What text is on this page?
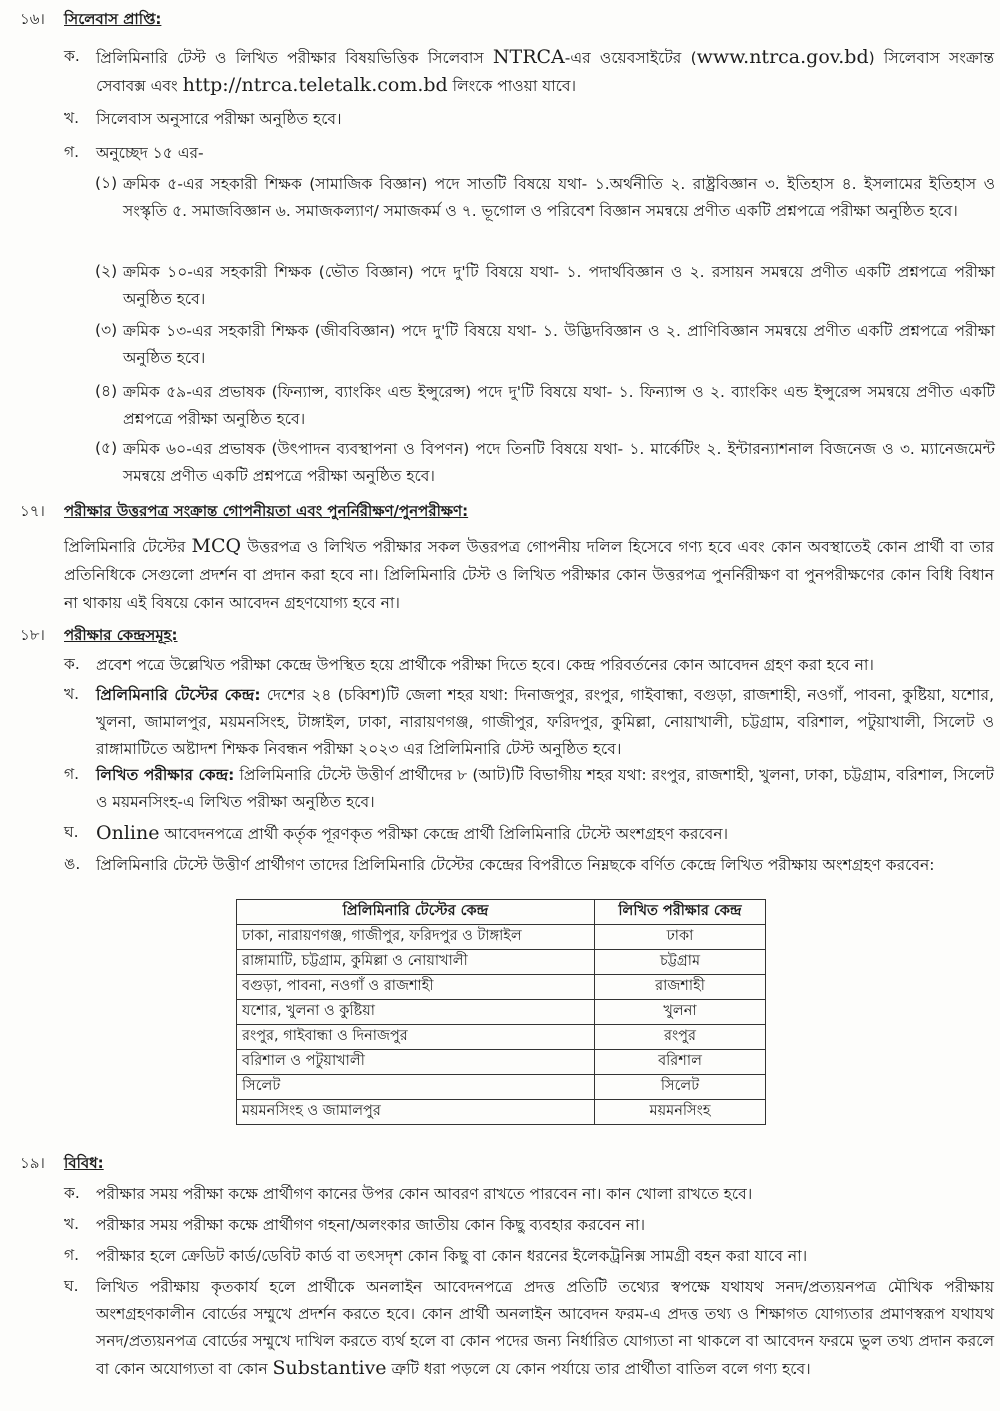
১৬।	সিলেবাস প্রাপ্তি:
ক.	প্রিলিমিনারি টেস্ট ও লিখিত পরীক্ষার বিষয়ভিত্তিক সিলেবাস NTRCA-এর ওয়েবসাইটের (www.ntrca.gov.bd) সিলেবাস সংক্রান্ত সেবাবক্স এবং http://ntrca.teletalk.com.bd লিংকে পাওয়া যাবে।
খ.	সিলেবাস অনুসারে পরীক্ষা অনুষ্ঠিত হবে।
গ.	অনুচ্ছেদ ১৫ এর-
(১) ক্রমিক ৫-এর সহকারী শিক্ষক (সামাজিক বিজ্ঞান) পদে সাতটি বিষয়ে যথা- ১.অর্থনীতি ২. রাষ্ট্রবিজ্ঞান ৩. ইতিহাস ৪. ইসলামের ইতিহাস ও সংস্কৃতি ৫. সমাজবিজ্ঞান ৬. সমাজকল্যাণ/ সমাজকর্ম ও ৭. ভূগোল ও পরিবেশ বিজ্ঞান সমন্বয়ে প্রণীত একটি প্রশ্নপত্রে পরীক্ষা অনুষ্ঠিত হবে।
(২) ক্রমিক ১০-এর সহকারী শিক্ষক (ভৌত বিজ্ঞান) পদে দু'টি বিষয়ে যথা- ১. পদার্থবিজ্ঞান ও ২. রসায়ন সমন্বয়ে প্রণীত একটি প্রশ্নপত্রে পরীক্ষা অনুষ্ঠিত হবে।
(৩) ক্রমিক ১৩-এর সহকারী শিক্ষক (জীববিজ্ঞান) পদে দু'টি বিষয়ে যথা- ১. উদ্ভিদবিজ্ঞান ও ২. প্রাণিবিজ্ঞান সমন্বয়ে প্রণীত একটি প্রশ্নপত্রে পরীক্ষা অনুষ্ঠিত হবে।
(৪) ক্রমিক ৫৯-এর প্রভাষক (ফিন্যান্স, ব্যাংকিং এন্ড ইন্সুরেন্স) পদে দু'টি বিষয়ে যথা- ১. ফিন্যান্স ও ২. ব্যাংকিং এন্ড ইন্সুরেন্স সমন্বয়ে প্রণীত একটি প্রশ্নপত্রে পরীক্ষা অনুষ্ঠিত হবে।
(৫) ক্রমিক ৬০-এর প্রভাষক (উৎপাদন ব্যবস্থাপনা ও বিপণন) পদে তিনটি বিষয়ে যথা- ১. মার্কেটিং ২. ইন্টারন্যাশনাল বিজনেজ ও ৩. ম্যানেজমেন্ট সমন্বয়ে প্রণীত একটি প্রশ্নপত্রে পরীক্ষা অনুষ্ঠিত হবে।
১৭।	পরীক্ষার উত্তরপত্র সংক্রান্ত গোপনীয়তা এবং পুনর্নিরীক্ষণ/পুনপরীক্ষণ:
প্রিলিমিনারি টেস্টের MCQ উত্তরপত্র ও লিখিত পরীক্ষার সকল উত্তরপত্র গোপনীয় দলিল হিসেবে গণ্য হবে এবং কোন অবস্থাতেই কোন প্রার্থী বা তার প্রতিনিধিকে সেগুলো প্রদর্শন বা প্রদান করা হবে না। প্রিলিমিনারি টেস্ট ও লিখিত পরীক্ষার কোন উত্তরপত্র পুনর্নিরীক্ষণ বা পুনপরীক্ষণের কোন বিধি বিধান না থাকায় এই বিষয়ে কোন আবেদন গ্রহণযোগ্য হবে না।
১৮।	পরীক্ষার কেন্দ্রসমূহ:
ক.	প্রবেশ পত্রে উল্লেখিত পরীক্ষা কেন্দ্রে উপস্থিত হয়ে প্রার্থীকে পরীক্ষা দিতে হবে। কেন্দ্র পরিবর্তনের কোন আবেদন গ্রহণ করা হবে না।
খ.	প্রিলিমিনারি টেস্টের কেন্দ্র: দেশের ২৪ (চব্বিশ)টি জেলা শহর যথা: দিনাজপুর, রংপুর, গাইবান্ধা, বগুড়া, রাজশাহী, নওগাঁ, পাবনা, কুষ্টিয়া, যশোর, খুলনা, জামালপুর, ময়মনসিংহ, টাঙ্গাইল, ঢাকা, নারায়ণগঞ্জ, গাজীপুর, ফরিদপুর, কুমিল্লা, নোয়াখালী, চট্টগ্রাম, বরিশাল, পটুয়াখালী, সিলেট ও রাঙ্গামাটিতে অষ্টাদশ শিক্ষক নিবন্ধন পরীক্ষা ২০২৩ এর প্রিলিমিনারি টেস্ট অনুষ্ঠিত হবে।
গ.	লিখিত পরীক্ষার কেন্দ্র: প্রিলিমিনারি টেস্টে উত্তীর্ণ প্রার্থীদের ৮ (আট)টি বিভাগীয় শহর যথা: রংপুর, রাজশাহী, খুলনা, ঢাকা, চট্টগ্রাম, বরিশাল, সিলেট ও ময়মনসিংহ-এ লিখিত পরীক্ষা অনুষ্ঠিত হবে।
ঘ. Online আবেদনপত্রে প্রার্থী কর্তৃক পূরণকৃত পরীক্ষা কেন্দ্রে প্রার্থী প্রিলিমিনারি টেস্টে অংশগ্রহণ করবেন।
ঙ.	প্রিলিমিনারি টেস্টে উত্তীর্ণ প্রার্থীগণ তাদের প্রিলিমিনারি টেস্টের কেন্দ্রের বিপরীতে নিম্নছকে বর্ণিত কেন্দ্রে লিখিত পরীক্ষায় অংশগ্রহণ করবেন:
প্রিলিমিনারি টেস্টের কেন্দ্র	লিখিত পরীক্ষার কেন্দ্র
ঢাকা, নারায়ণগঞ্জ, গাজীপুর, ফরিদপুর ও টাঙ্গাইল	ঢাকা
রাঙ্গামাটি, চট্টগ্রাম, কুমিল্লা ও নোয়াখালী	চট্টগ্রাম
বগুড়া, পাবনা, নওগাঁ ও রাজশাহী	রাজশাহী
যশোর, খুলনা ও কুষ্টিয়া	খুলনা
রংপুর, গাইবান্ধা ও দিনাজপুর	রংপুর
বরিশাল ও পটুয়াখালী	বরিশাল
সিলেট	সিলেট
ময়মনসিংহ ও জামালপুর	ময়মনসিংহ
১৯।	বিবিধ:
ক.	পরীক্ষার সময় পরীক্ষা কক্ষে প্রার্থীগণ কানের উপর কোন আবরণ রাখতে পারবেন না। কান খোলা রাখতে হবে।
খ.	পরীক্ষার সময় পরীক্ষা কক্ষে প্রার্থীগণ গহনা/অলংকার জাতীয় কোন কিছু ব্যবহার করবেন না।
গ.	পরীক্ষার হলে ক্রেডিট কার্ড/ডেবিট কার্ড বা তৎসদৃশ কোন কিছু বা কোন ধরনের ইলেকট্রনিক্স সামগ্রী বহন করা যাবে না।
ঘ.	লিখিত পরীক্ষায় কৃতকার্য হলে প্রার্থীকে অনলাইন আবেদনপত্রে প্রদত্ত প্রতিটি তথ্যের স্বপক্ষে যথাযথ সনদ/প্রত্যয়নপত্র মৌখিক পরীক্ষায় অংশগ্রহণকালীন বোর্ডের সম্মুখে প্রদর্শন করতে হবে। কোন প্রার্থী অনলাইন আবেদন ফরম-এ প্রদত্ত তথ্য ও শিক্ষাগত যোগ্যতার প্রমাণস্বরূপ যথাযথ সনদ/প্রত্যয়নপত্র বোর্ডের সম্মুখে দাখিল করতে ব্যর্থ হলে বা কোন পদের জন্য নির্ধারিত যোগ্যতা না থাকলে বা আবেদন ফরমে ভুল তথ্য প্রদান করলে বা কোন অযোগ্যতা বা কোন Substantive ত্রুটি ধরা পড়লে যে কোন পর্যায়ে তার প্রার্থীতা বাতিল বলে গণ্য হবে।
